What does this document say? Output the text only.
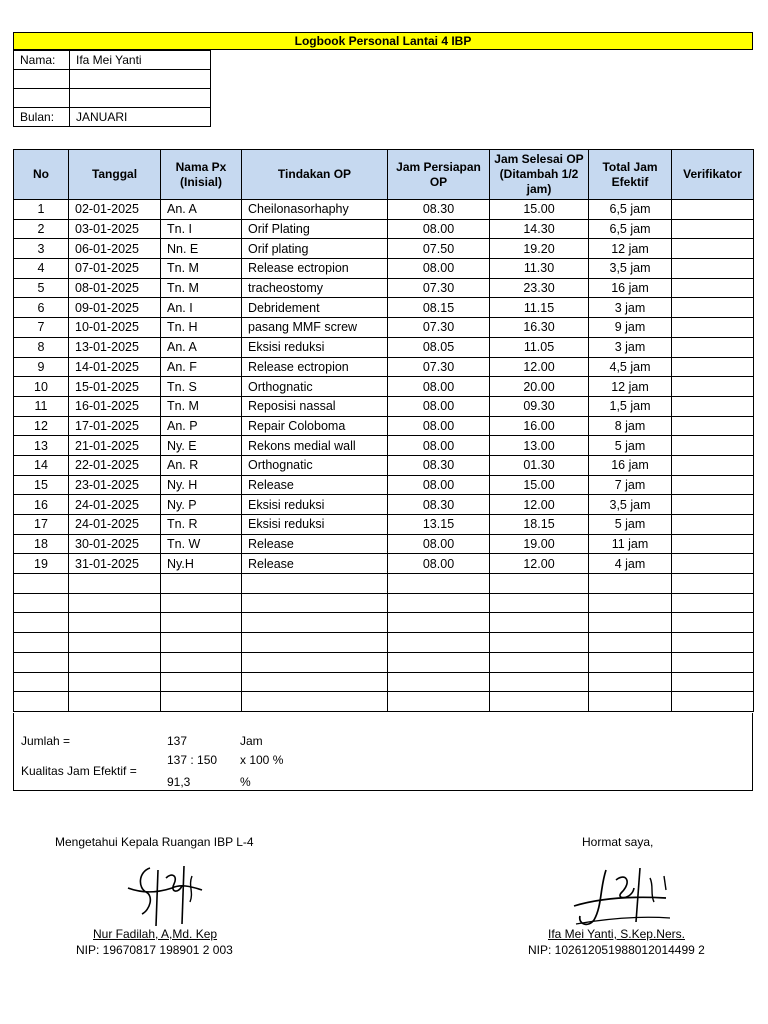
Logbook Personal Lantai 4 IBP
Nama:	Ifa Mei Yanti

Bulan:	JANUARI
No	Tanggal	Nama Px (Inisial)	Tindakan OP	Jam Persiapan OP	Jam Selesai OP (Ditambah 1/2 jam)	Total Jam Efektif	Verifikator
1	02-01-2025	An. A	Cheilonasorhaphy	08.30	15.00	6,5 jam	
2	03-01-2025	Tn. I	Orif Plating	08.00	14.30	6,5 jam	
3	06-01-2025	Nn. E	Orif plating	07.50	19.20	12 jam	
4	07-01-2025	Tn. M	Release ectropion	08.00	11.30	3,5 jam	
5	08-01-2025	Tn. M	tracheostomy	07.30	23.30	16 jam	
6	09-01-2025	An. I	Debridement	08.15	11.15	3 jam	
7	10-01-2025	Tn. H	pasang MMF screw	07.30	16.30	9 jam	
8	13-01-2025	An. A	Eksisi reduksi	08.05	11.05	3 jam	
9	14-01-2025	An. F	Release ectropion	07.30	12.00	4,5 jam	
10	15-01-2025	Tn. S	Orthognatic	08.00	20.00	12 jam	
11	16-01-2025	Tn. M	Reposisi nassal	08.00	09.30	1,5 jam	
12	17-01-2025	An. P	Repair Coloboma	08.00	16.00	8 jam	
13	21-01-2025	Ny. E	Rekons medial wall	08.00	13.00	5 jam	
14	22-01-2025	An. R	Orthognatic	08.30	01.30	16 jam	
15	23-01-2025	Ny. H	Release	08.00	15.00	7 jam	
16	24-01-2025	Ny. P	Eksisi reduksi	08.30	12.00	3,5 jam	
17	24-01-2025	Tn. R	Eksisi reduksi	13.15	18.15	5 jam	
18	30-01-2025	Tn. W	Release	08.00	19.00	11 jam	
19	31-01-2025	Ny.H	Release	08.00	12.00	4 jam	

Jumlah =	137	Jam
137 : 150 x 100 %
Kualitas Jam Efektif =
91,3	%
Mengetahui Kepala Ruangan IBP L-4
Nur Fadilah, A,Md. Kep
NIP: 19670817 198901 2 003
Hormat saya,
Ifa Mei Yanti, S.Kep.Ners.
NIP: 102612051988012014499 2
